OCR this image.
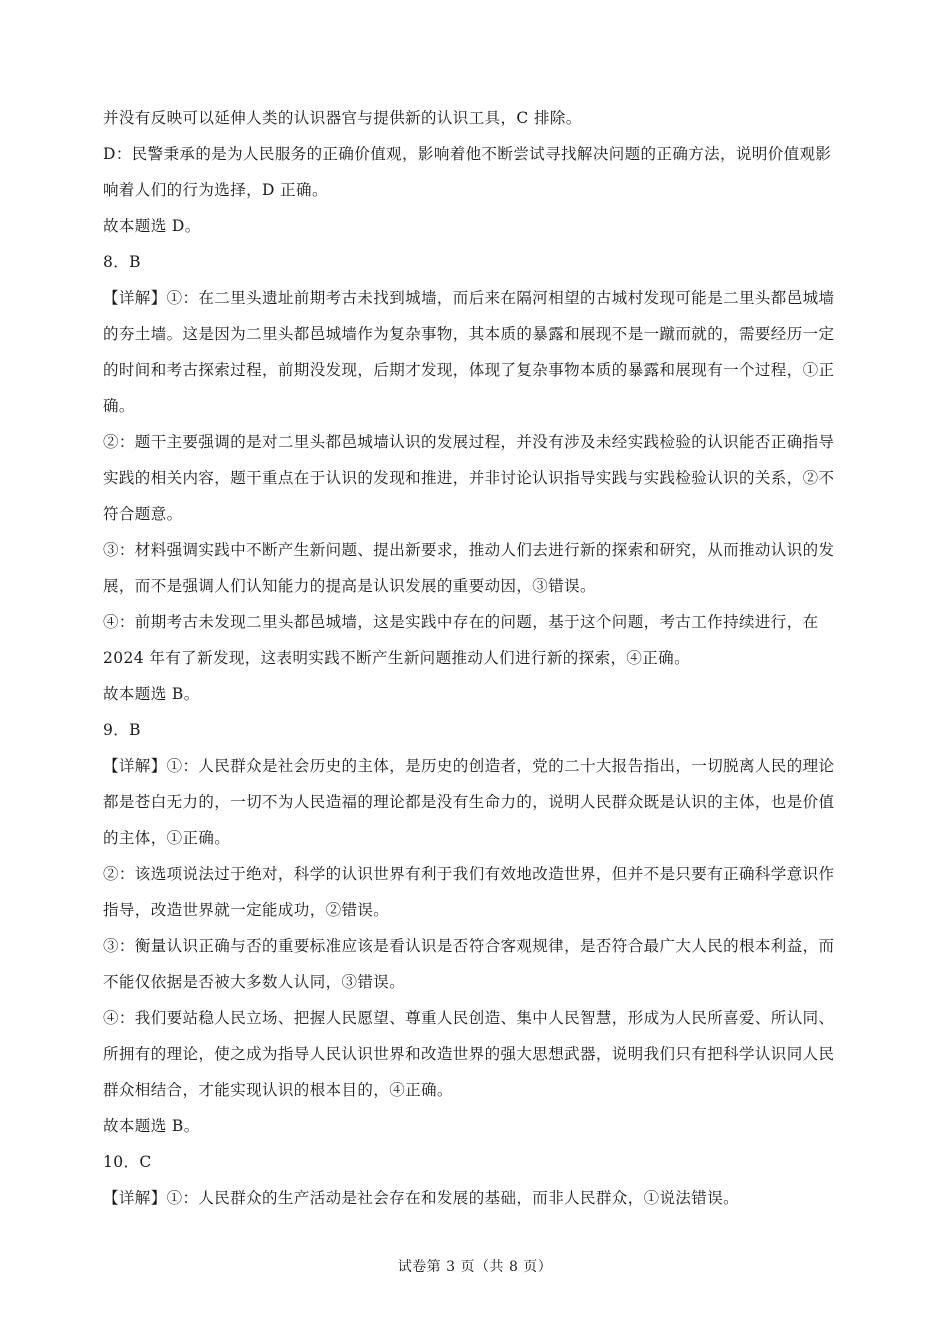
并没有反映可以延伸人类的认识器官与提供新的认识工具，C 排除。
D：民警秉承的是为人民服务的正确价值观，影响着他不断尝试寻找解决问题的正确方法，说明价值观影
响着人们的行为选择，D 正确。
故本题选 D。
8．B
【详解】①：在二里头遗址前期考古未找到城墙，而后来在隔河相望的古城村发现可能是二里头都邑城墙
的夯土墙。这是因为二里头都邑城墙作为复杂事物，其本质的暴露和展现不是一蹴而就的，需要经历一定
的时间和考古探索过程，前期没发现，后期才发现，体现了复杂事物本质的暴露和展现有一个过程，①正
确。
②：题干主要强调的是对二里头都邑城墙认识的发展过程，并没有涉及未经实践检验的认识能否正确指导
实践的相关内容，题干重点在于认识的发现和推进，并非讨论认识指导实践与实践检验认识的关系，②不
符合题意。
③：材料强调实践中不断产生新问题、提出新要求，推动人们去进行新的探索和研究，从而推动认识的发
展，而不是强调人们认知能力的提高是认识发展的重要动因，③错误。
④：前期考古未发现二里头都邑城墙，这是实践中存在的问题，基于这个问题，考古工作持续进行，在
2024 年有了新发现，这表明实践不断产生新问题推动人们进行新的探索，④正确。
故本题选 B。
9．B
【详解】①：人民群众是社会历史的主体，是历史的创造者，党的二十大报告指出，一切脱离人民的理论
都是苍白无力的，一切不为人民造福的理论都是没有生命力的，说明人民群众既是认识的主体，也是价值
的主体，①正确。
②：该选项说法过于绝对，科学的认识世界有利于我们有效地改造世界，但并不是只要有正确科学意识作
指导，改造世界就一定能成功，②错误。
③：衡量认识正确与否的重要标准应该是看认识是否符合客观规律，是否符合最广大人民的根本利益，而
不能仅依据是否被大多数人认同，③错误。
④：我们要站稳人民立场、把握人民愿望、尊重人民创造、集中人民智慧，形成为人民所喜爱、所认同、
所拥有的理论，使之成为指导人民认识世界和改造世界的强大思想武器，说明我们只有把科学认识同人民
群众相结合，才能实现认识的根本目的，④正确。
故本题选 B。
10．C
【详解】①：人民群众的生产活动是社会存在和发展的基础，而非人民群众，①说法错误。
试卷第 3 页（共 8 页）
